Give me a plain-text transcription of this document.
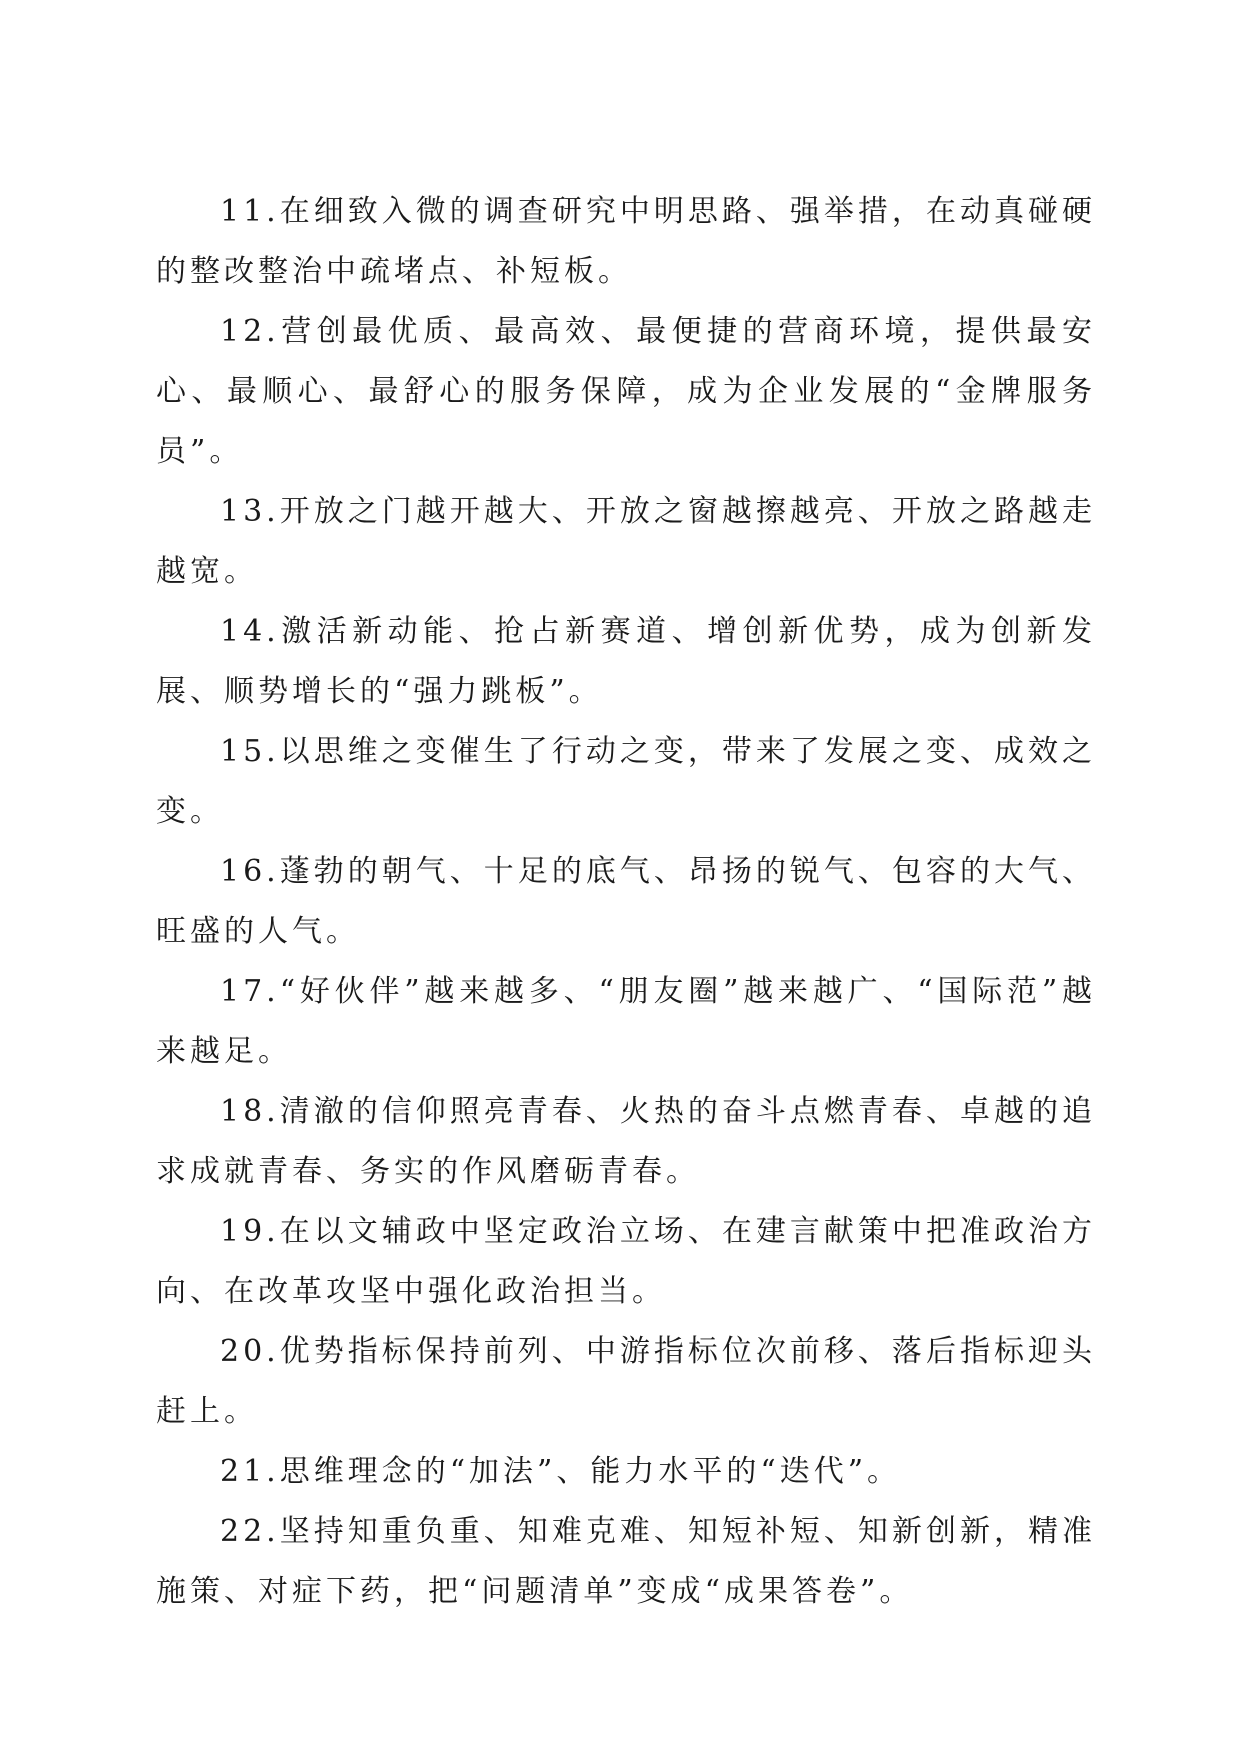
11.在细致入微的调查研究中明思路、强举措，在动真碰硬的整改整治中疏堵点、补短板。

12.营创最优质、最高效、最便捷的营商环境，提供最安心、最顺心、最舒心的服务保障，成为企业发展的“金牌服务员”。

13.开放之门越开越大、开放之窗越擦越亮、开放之路越走越宽。

14.激活新动能、抢占新赛道、增创新优势，成为创新发展、顺势增长的“强力跳板”。

15.以思维之变催生了行动之变，带来了发展之变、成效之变。

16.蓬勃的朝气、十足的底气、昂扬的锐气、包容的大气、旺盛的人气。

17.“好伙伴”越来越多、“朋友圈”越来越广、“国际范”越来越足。

18.清澈的信仰照亮青春、火热的奋斗点燃青春、卓越的追求成就青春、务实的作风磨砺青春。

19.在以文辅政中坚定政治立场、在建言献策中把准政治方向、在改革攻坚中强化政治担当。

20.优势指标保持前列、中游指标位次前移、落后指标迎头赶上。

21.思维理念的“加法”、能力水平的“迭代”。

22.坚持知重负重、知难克难、知短补短、知新创新，精准施策、对症下药，把“问题清单”变成“成果答卷”。
